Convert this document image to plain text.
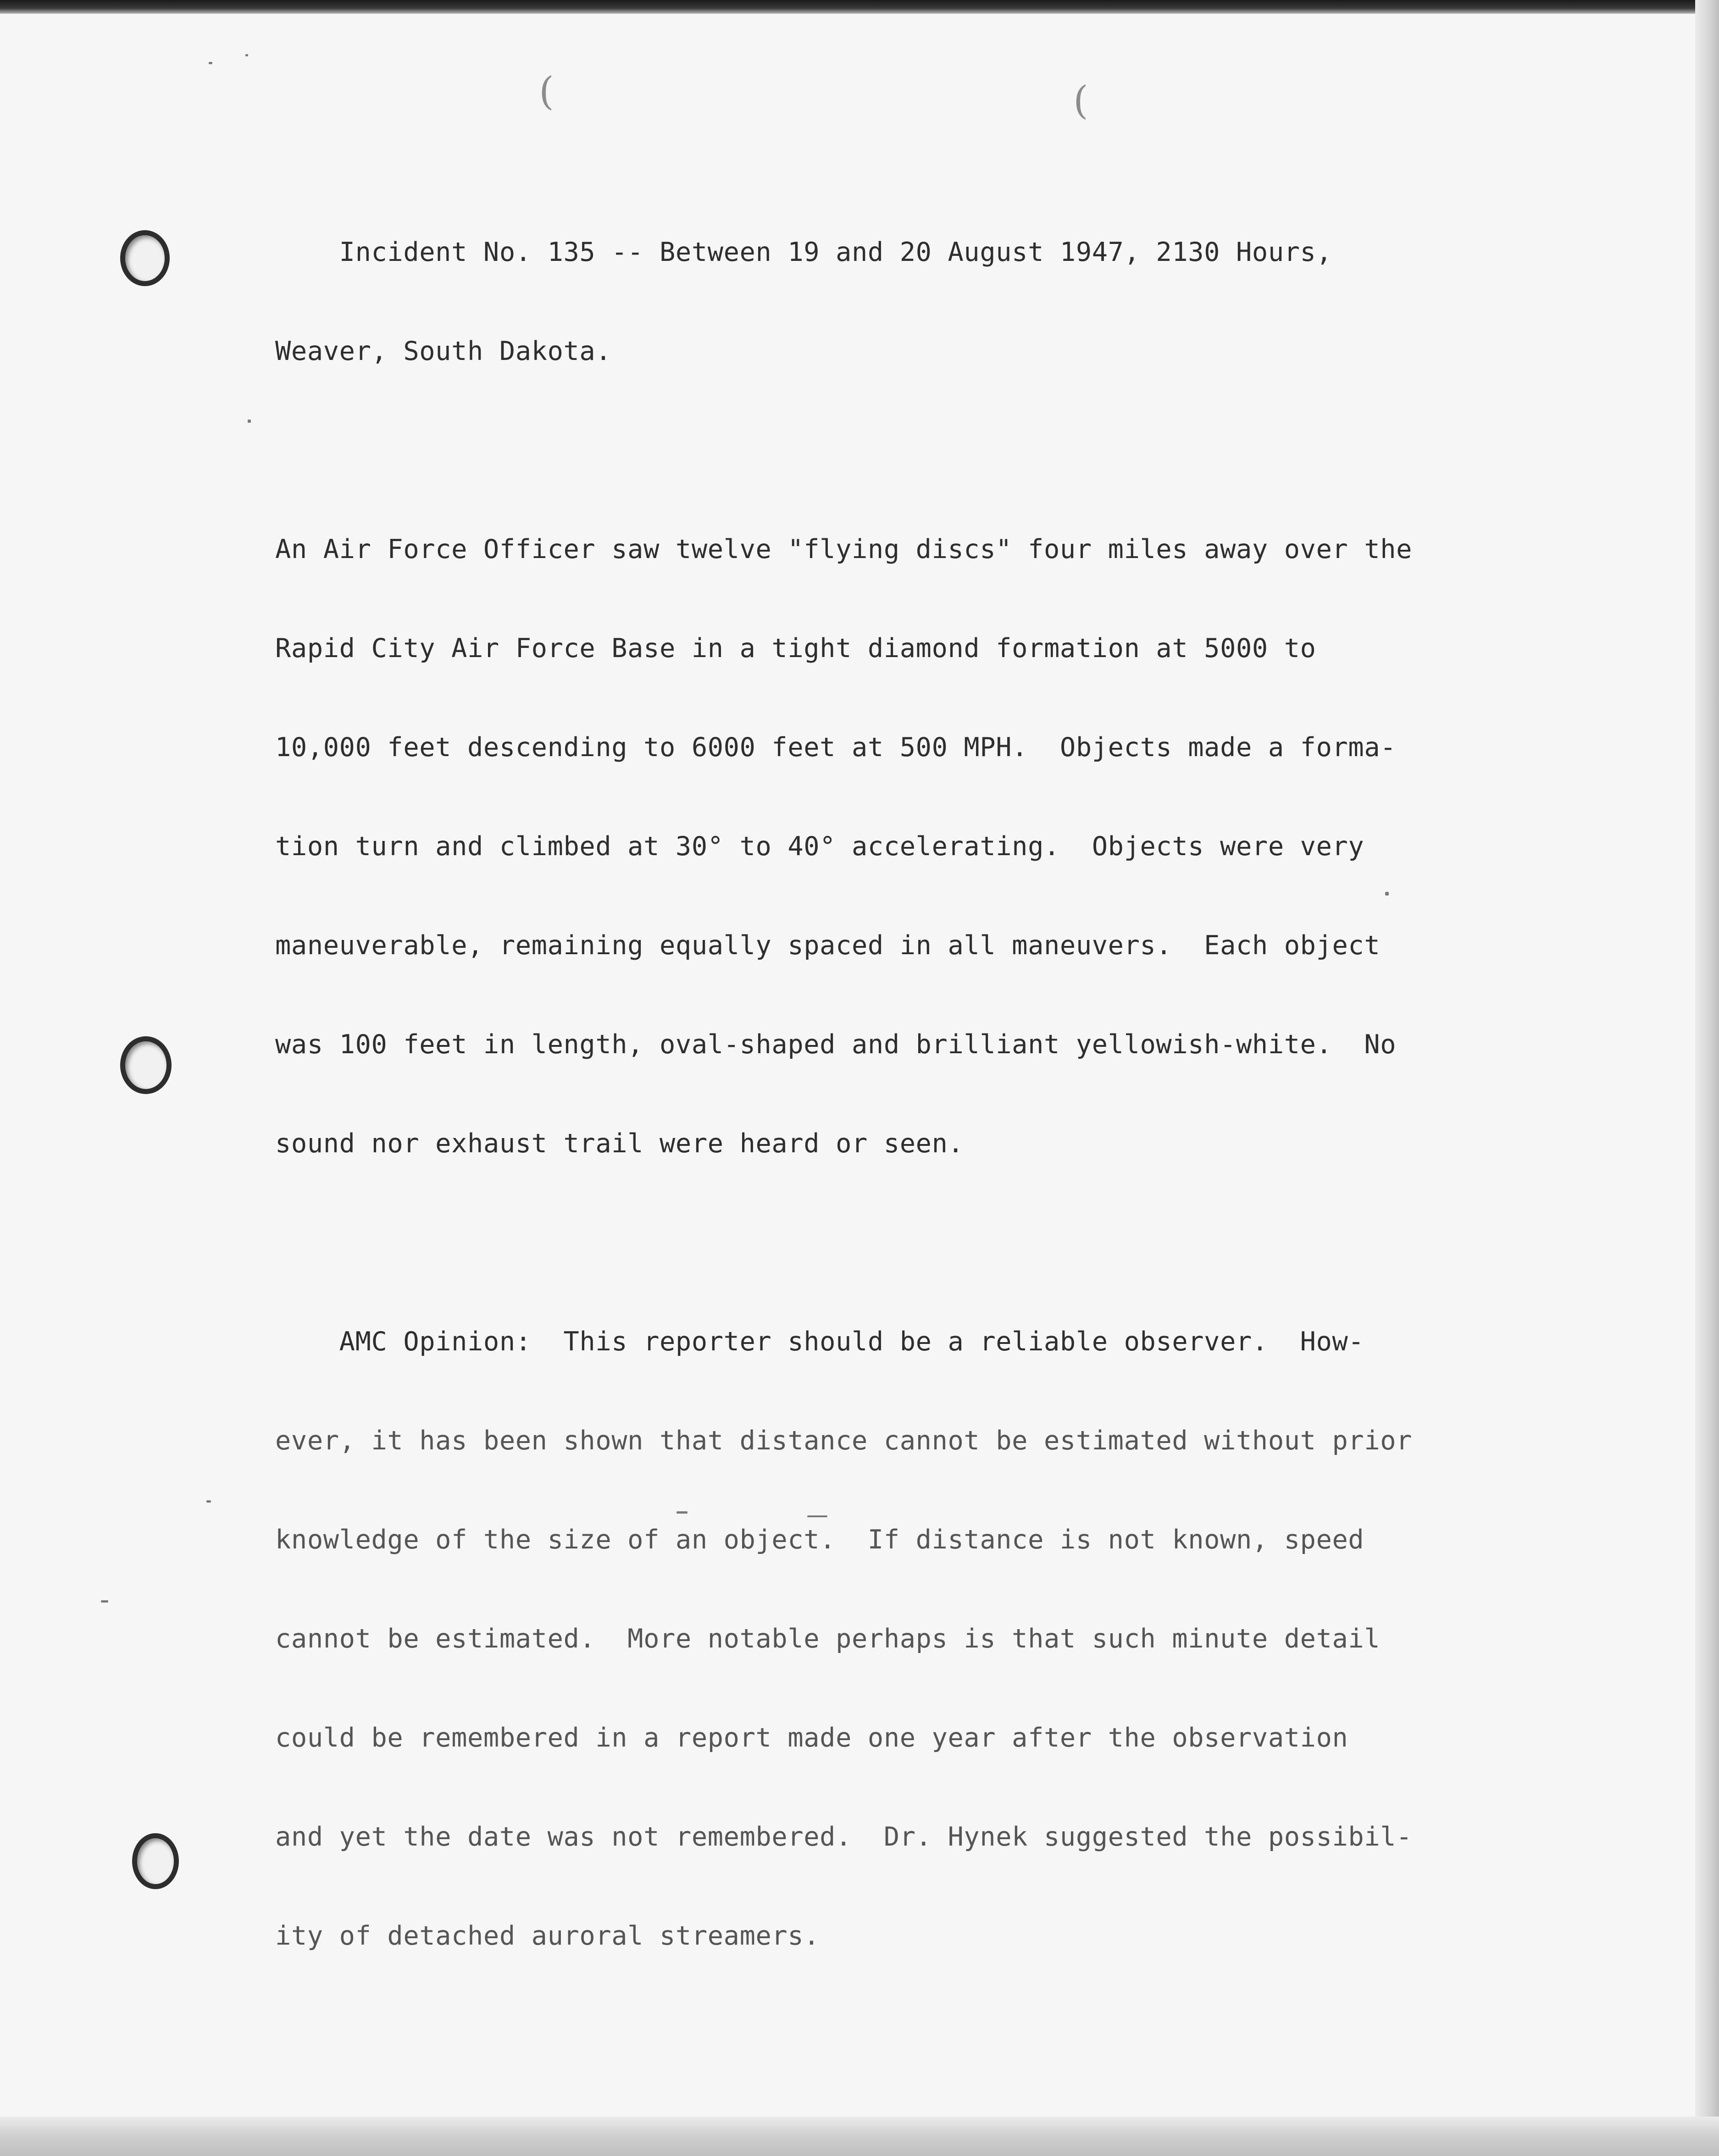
(	(

Incident No. 135 -- Between 19 and 20 August 1947, 2130 Hours,

Weaver, South Dakota.

An Air Force Officer saw twelve "flying discs" four miles away over the

Rapid City Air Force Base in a tight diamond formation at 5000 to

10,000 feet descending to 6000 feet at 500 MPH.  Objects made a forma-

tion turn and climbed at 30° to 40° accelerating.  Objects were very

maneuverable, remaining equally spaced in all maneuvers.  Each object

was 100 feet in length, oval-shaped and brilliant yellowish-white.  No

sound nor exhaust trail were heard or seen.

AMC Opinion:  This reporter should be a reliable observer.  How-

ever, it has been shown that distance cannot be estimated without prior

knowledge of the size of an object.  If distance is not known, speed

cannot be estimated.  More notable perhaps is that such minute detail

could be remembered in a report made one year after the observation

and yet the date was not remembered.  Dr. Hynek suggested the possibil-

ity of detached auroral streamers.
